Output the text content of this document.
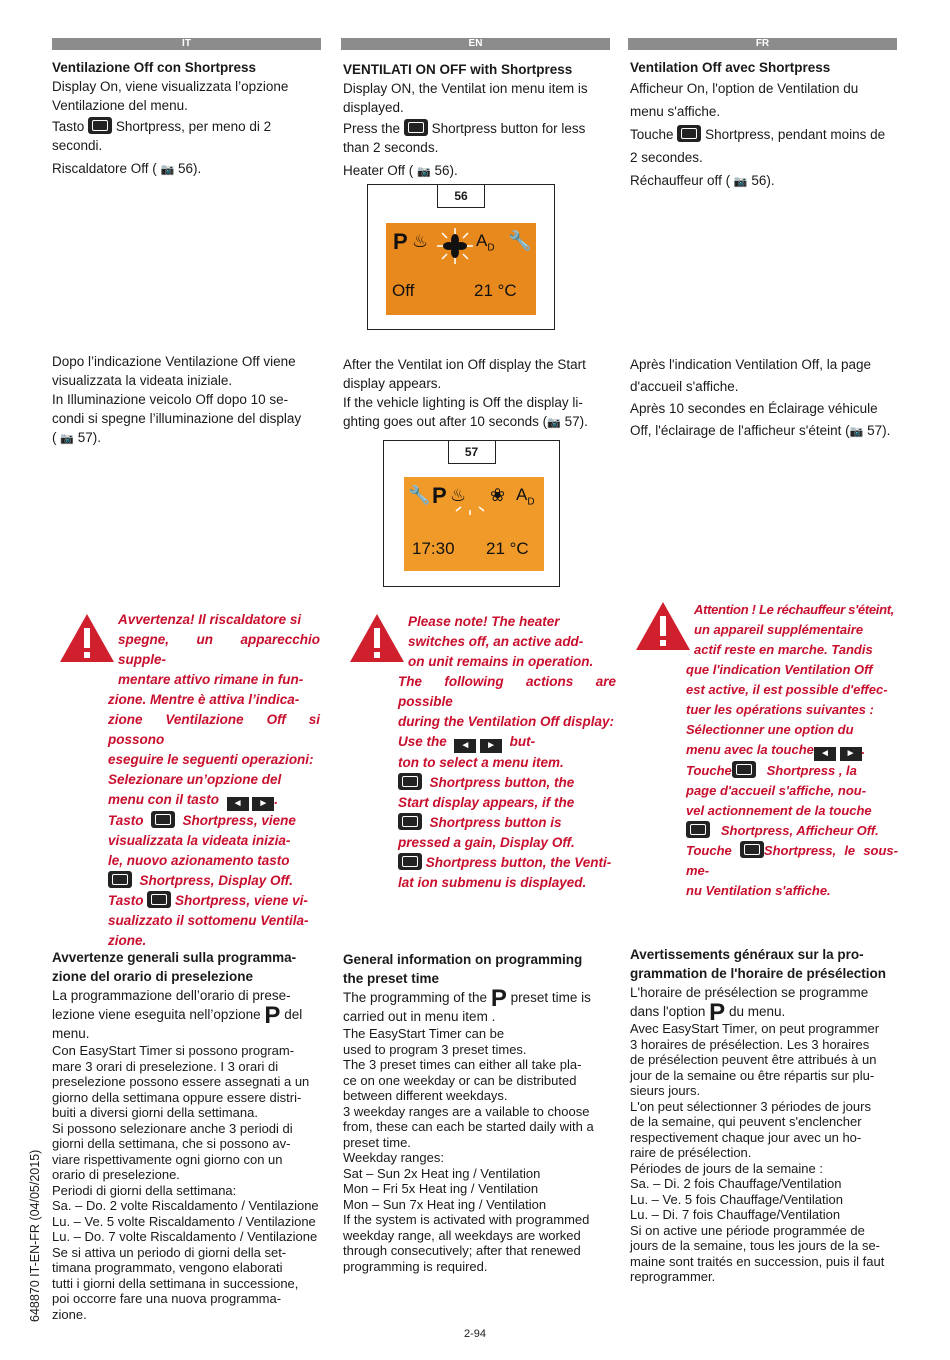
IT	EN	FR

Ventilazione Off con Shortpress

Display On, viene visualizzata l’opzione

Ventilazione del menu.

Tasto Shortpress, per meno di 2

secondi.

Riscaldatore Off ( 📷 56).

VENTILATI ON OFF with Shortpress

Display ON, the Ventilat ion menu item is

displayed.

Press the Shortpress button for less

than 2 seconds.

Heater Off ( 📷 56).

Ventilation Off avec Shortpress

Afficheur On, l'option de Ventilation du

menu s'affiche.

Touche Shortpress, pendant moins de

2 secondes.

Réchauffeur off ( 📷 56).

56
P ♨	$A_D$ 🔧
Off	21 °C

Dopo l’indicazione Ventilazione Off viene

visualizzata la videata iniziale.

In Illuminazione veicolo Off dopo 10 se-

condi si spegne l’illuminazione del display

( 📷 57).

After the Ventilat ion Off display the Start

display appears.

If the vehicle lighting is Off the display li-

ghting goes out after 10 seconds (📷 57).

Après l'indication Ventilation Off, la page

d'accueil s'affiche.

Après 10 secondes en Éclairage véhicule

Off, l'éclairage de l'afficheur s'éteint (📷 57).

57
🔧 P ♨ ❀ $A_D$
17:30 21 °C
Avvertenza! Il riscaldatore si
spegne, un apparecchio supple-
mentare attivo rimane in fun-
zione. Mentre è attiva l’indica-
zione Ventilazione Off si possono
eseguire le seguenti operazioni:
Selezionare un’opzione del
menu con il tasto ◄ ► .
Tasto	Shortpress, viene
visualizzata la videata inizia-
le, nuovo azionamento tasto
Shortpress, Display Off.
Tasto Shortpress, viene vi-
sualizzato il sottomenu Ventila-
zione.
Please note! The heater
switches off, an active add-
on unit remains in operation.
The following actions are possible
during the Ventilation Off display:
Use the ◄ ► but-
ton to select a menu item.
Shortpress button, the
Start display appears, if the
Shortpress button is
pressed a gain, Display Off.
Shortpress button, the Venti-
lat ion submenu is displayed.
Attention ! Le réchauffeur s'éteint,
un appareil supplémentaire
actif reste en marche. Tandis
que l'indication Ventilation Off
est active, il est possible d'effec-
tuer les opérations suivantes :
Sélectionner une option du
menu avec la touche ◄ ► .
Touche	Shortpress , la
page d'accueil s'affiche, nou-
vel actionnement de la touche
Shortpress, Afficheur Off.
Touche Shortpress, le sous-me-
nu Ventilation s'affiche.

Avvertenze generali sulla programma-

zione del orario di preselezione

La programmazione dell’orario di prese-

lezione viene eseguita nell’opzione P del

menu.

Con EasyStart Timer si possono program-
mare 3 orari di preselezione. I 3 orari di
preselezione possono essere assegnati a un
giorno della settimana oppure essere distri-
buiti a diversi giorni della settimana.
Si possono selezionare anche 3 periodi di
giorni della settimana, che si possono av-
viare rispettivamente ogni giorno con un
orario di preselezione.
Periodi di giorni della settimana:
Sa. – Do. 2 volte Riscaldamento / Ventilazione
Lu. – Ve. 5 volte Riscaldamento / Ventilazione
Lu. – Do. 7 volte Riscaldamento / Ventilazione
Se si attiva un periodo di giorni della set-
timana programmato, vengono elaborati
tutti i giorni della settimana in successione,
poi occorre fare una nuova programma-
zione.

General information on programming

the preset time

The programming of the P preset time is

carried out in menu item .

The EasyStart Timer can be
used to program 3 preset times.
The 3 preset times can either all take pla-
ce on one weekday or can be distributed
between different weekdays.
3 weekday ranges are a vailable to choose
from, these can each be started daily with a
preset time.
Weekday ranges:
Sat – Sun 2x Heat ing / Ventilation
Mon – Fri 5x Heat ing / Ventilation
Mon – Sun 7x Heat ing / Ventilation
If the system is activated with programmed
weekday range, all weekdays are worked
through consecutively; after that renewed
programming is required.

Avertissements généraux sur la pro-

grammation de l'horaire de présélection

L'horaire de présélection se programme

dans l'option P du menu.

Avec EasyStart Timer, on peut programmer
3 horaires de présélection. Les 3 horaires
de présélection peuvent être attribués à un
jour de la semaine ou être répartis sur plu-
sieurs jours.
L'on peut sélectionner 3 périodes de jours
de la semaine, qui peuvent s'enclencher
respectivement chaque jour avec un ho-
raire de présélection.
Périodes de jours de la semaine :
Sa. – Di. 2 fois Chauffage/Ventilation
Lu. – Ve. 5 fois Chauffage/Ventilation
Lu. – Di. 7 fois Chauffage/Ventilation
Si on active une période programmée de
jours de la semaine, tous les jours de la se-
maine sont traités en succession, puis il faut
reprogrammer.
648870 IT-EN-FR (04/05/2015)
2-94
